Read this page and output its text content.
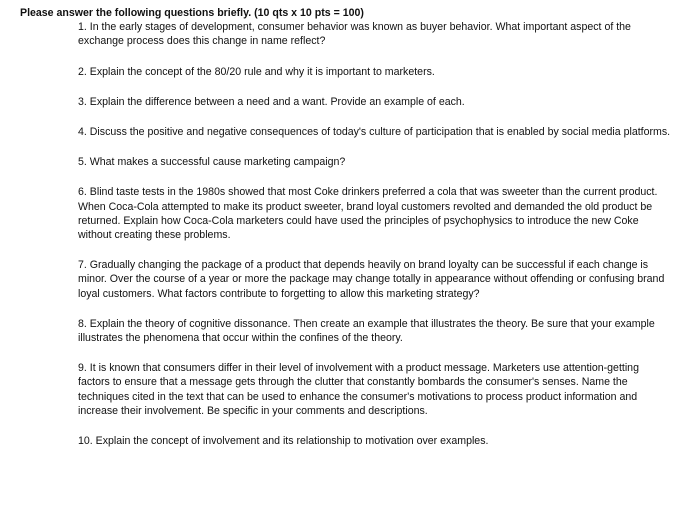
Please answer the following questions briefly. (10 qts x 10 pts = 100)

1. In the early stages of development, consumer behavior was known as buyer behavior. What important aspect of the exchange process does this change in name reflect?
2. Explain the concept of the 80/20 rule and why it is important to marketers.
3. Explain the difference between a need and a want. Provide an example of each.
4. Discuss the positive and negative consequences of today's culture of participation that is enabled by social media platforms.
5. What makes a successful cause marketing campaign?
6. Blind taste tests in the 1980s showed that most Coke drinkers preferred a cola that was sweeter than the current product. When Coca-Cola attempted to make its product sweeter, brand loyal customers revolted and demanded the old product be returned. Explain how Coca-Cola marketers could have used the principles of psychophysics to introduce the new Coke without creating these problems.
7. Gradually changing the package of a product that depends heavily on brand loyalty can be successful if each change is minor. Over the course of a year or more the package may change totally in appearance without offending or confusing brand loyal customers. What factors contribute to forgetting to allow this marketing strategy?
8. Explain the theory of cognitive dissonance. Then create an example that illustrates the theory. Be sure that your example illustrates the phenomena that occur within the confines of the theory.
9. It is known that consumers differ in their level of involvement with a product message. Marketers use attention-getting factors to ensure that a message gets through the clutter that constantly bombards the consumer's senses. Name the techniques cited in the text that can be used to enhance the consumer's motivations to process product information and increase their involvement. Be specific in your comments and descriptions.
10. Explain the concept of involvement and its relationship to motivation over examples.
